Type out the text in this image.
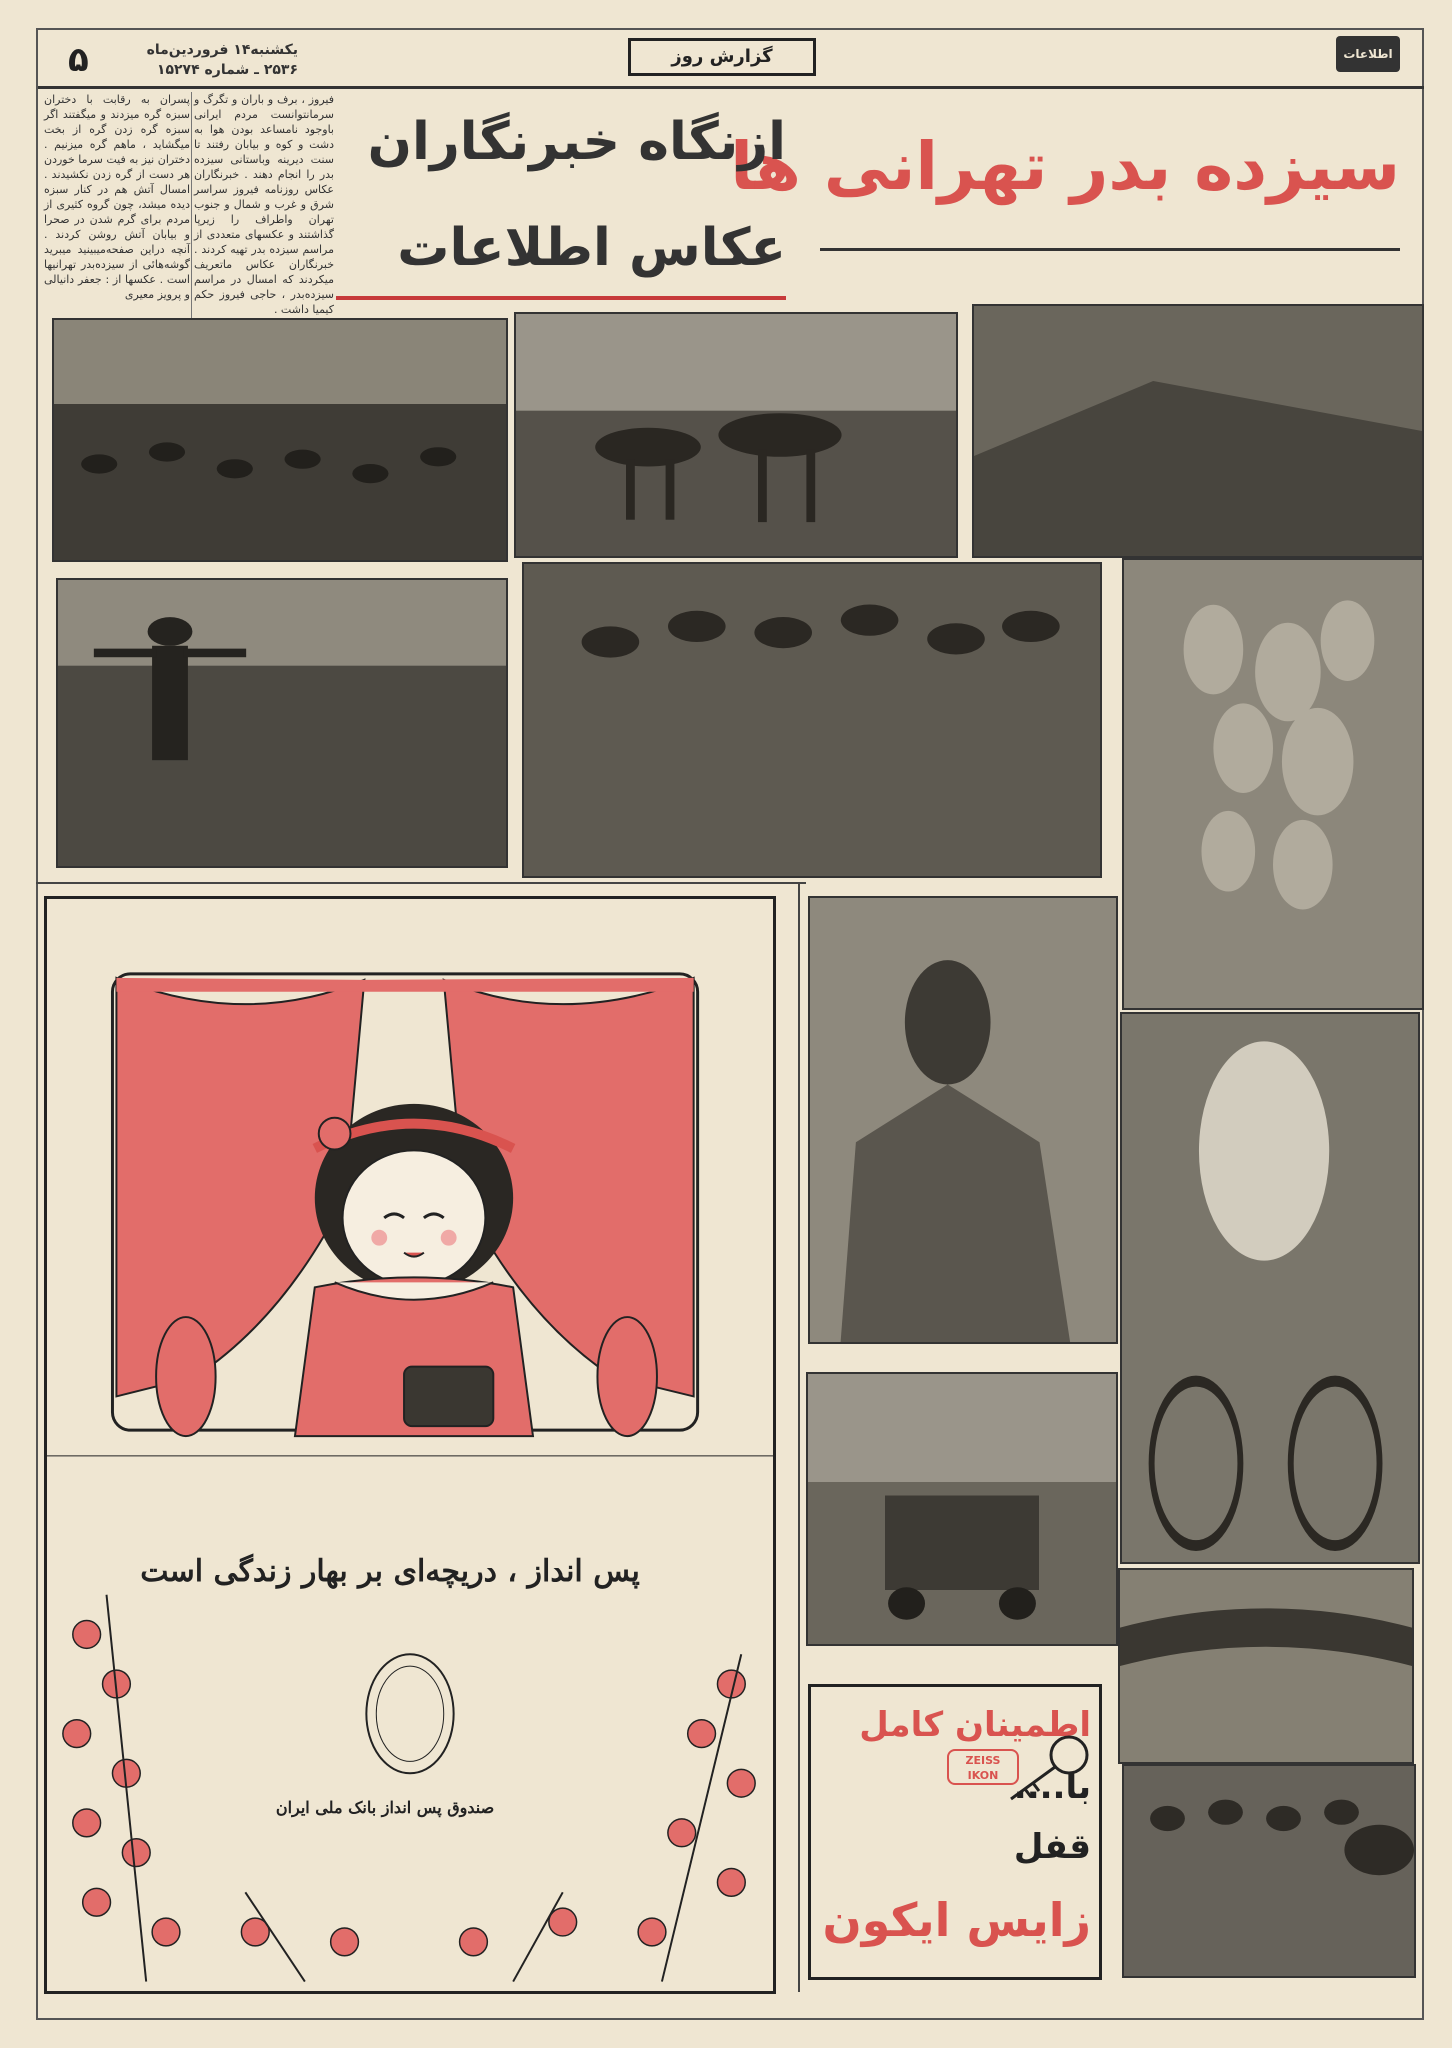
۵	یکشنبه۱۴ فروردین‌ماه ۲۵۳۶ ـ شماره ۱۵۲۷۴
گزارش روز	اطلاعات
سیزده بدر تهرانی ها
ازنگاه خبرنگاران
عکاس اطلاعات
فیروز ، برف و باران و تگرگ و سرمانتوانست مردم ایرانی باوجود نامساعد بودن هوا به دشت و کوه و بیابان رفتند تا سنت دیرینه وباستانی سیزده بدر را انجام دهند . خبرنگاران عکاس روزنامه فیروز سراسر شرق و غرب و شمال و جنوب تهران واطراف را زیرپا گذاشتند و عکسهای متعددی از مراسم سیزده بدر تهیه کردند . خبرنگاران عکاس ماتعریف میکردند که امسال در مراسم سیزده‌بدر ، حاجی فیروز حکم کیمیا داشت .
پسران به رقابت با دختران سبزه گره میزدند و میگفتند اگر سبزه گره زدن گره از بخت میگشاید ، ماهم گره میزنیم . دختران نیز به فیت سرما خوردن هر دست از گره زدن نکشیدند . امسال آتش هم در کنار سبزه دیده میشد، چون گروه کثیری از مردم برای گرم شدن در صحرا و بیابان آتش روشن کردند . آنچه دراین صفحه‌میبینید میبرید گوشه‌هائی از سیزده‌بدر تهرانیها است . عکسها از : جعفر دانیالی و پرویز معیری
پس انداز ، دریچه‌ای بر بهار زندگی است
صندوق پس انداز بانک ملی ایران
اطمینان کامل
ZEISS IKON با....
قفل
زایس ایکون
